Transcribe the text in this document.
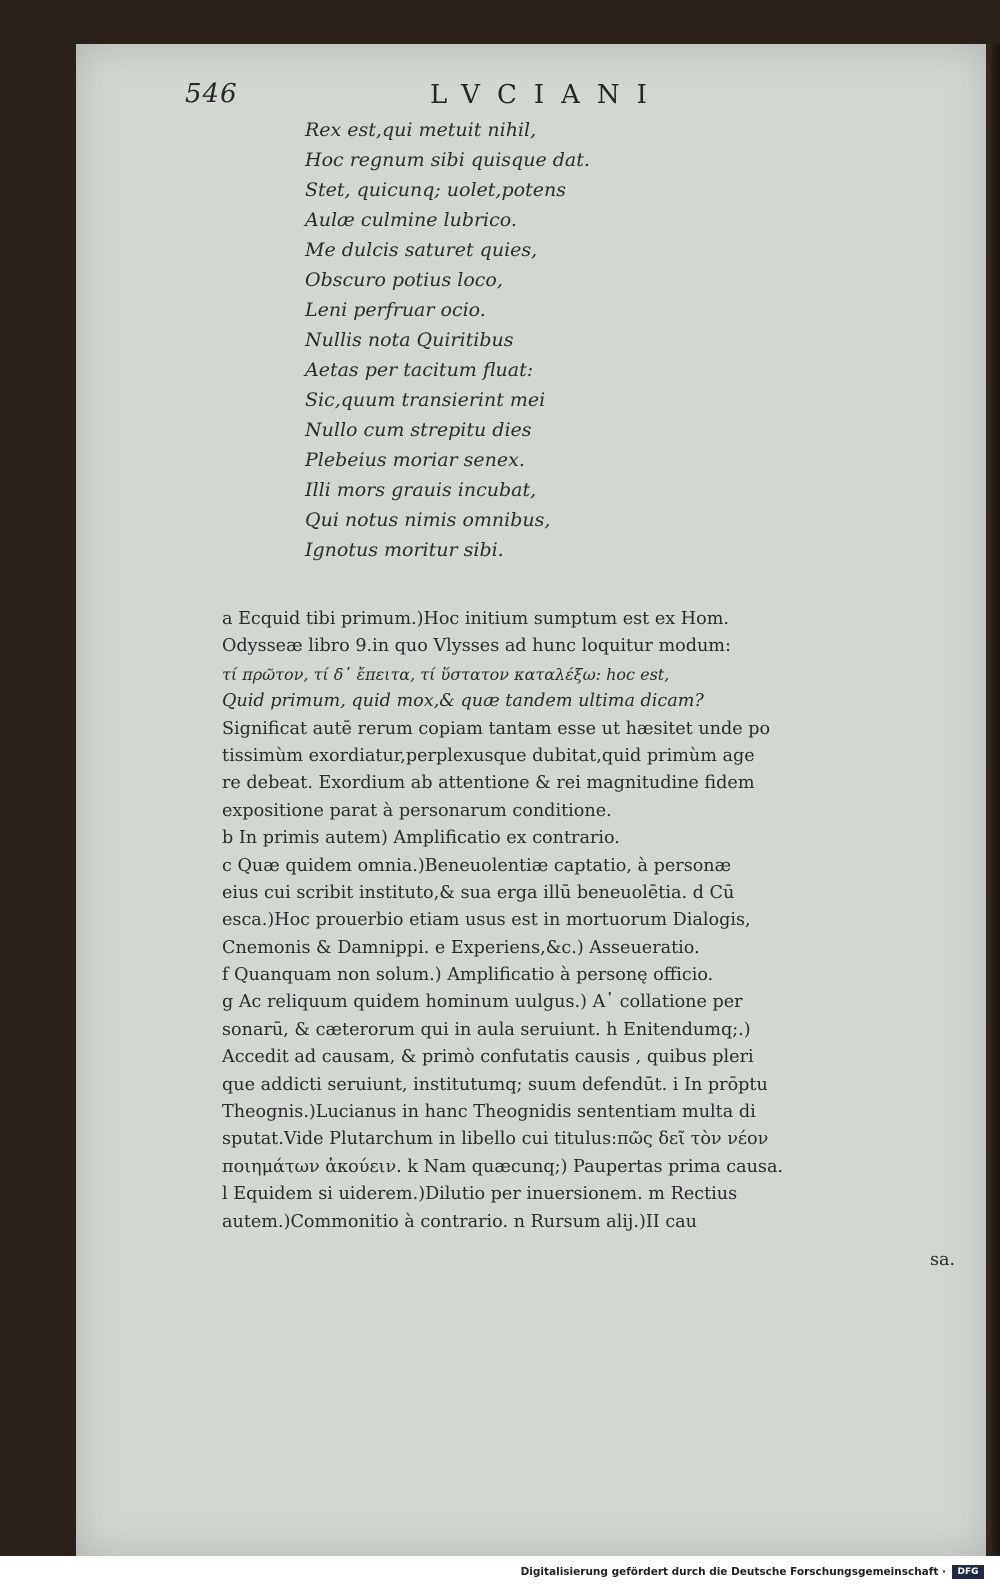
546	LVCIANI
Rex est,qui metuit nihil,
Hoc regnum sibi quisque dat.
Stet, quicunq; uolet,potens
Aulæ culmine lubrico.
Me dulcis saturet quies,
Obscuro potius loco,
Leni perfruar ocio.
Nullis nota Quiritibus
Aetas per tacitum fluat:
Sic,quum transierint mei
Nullo cum strepitu dies
Plebeius moriar senex.
Illi mors grauis incubat,
Qui notus nimis omnibus,
Ignotus moritur sibi.
a Ecquid tibi primum.)Hoc initium sumptum est ex Hom.
Odysseæ libro 9.in quo Vlysses ad hunc loquitur modum:
τί πρῶτον, τί δ᾽ ἔπειτα, τί ὕστατον καταλέξω: hoc est,
Quid primum, quid mox,& quæ tandem ultima dicam?
Significat autē rerum copiam tantam esse ut hæsitet unde po
tissimùm exordiatur,perplexusque dubitat,quid primùm age
re debeat. Exordium ab attentione & rei magnitudine fidem
expositione parat à personarum conditione.
b In primis autem) Amplificatio ex contrario.
c Quæ quidem omnia.)Beneuolentiæ captatio, à personæ
eius cui scribit instituto,& sua erga illū beneuolētia. d Cū
esca.)Hoc prouerbio etiam usus est in mortuorum Dialogis,
Cnemonis & Damnippi. e Experiens,&c.) Asseueratio.
f Quanquam non solum.) Amplificatio à personę officio.
g Ac reliquum quidem hominum uulgus.) A᾽ collatione per
sonarū, & cæterorum qui in aula seruiunt. h Enitendumq;.)
Accedit ad causam, & primò confutatis causis , quibus pleri
que addicti seruiunt, institutumq; suum defendūt. i In prōptu
Theognis.)Lucianus in hanc Theognidis sententiam multa di
sputat.Vide Plutarchum in libello cui titulus:πῶς δεῖ τὸν νέον
ποιημάτων ἀκούειν. k Nam quæcunq;) Paupertas prima causa.
l Equidem si uiderem.)Dilutio per inuersionem. m Rectius
autem.)Commonitio à contrario. n Rursum alij.)II cau
sa.
Digitalisierung gefördert durch die Deutsche Forschungsgemeinschaft ·	DFG
